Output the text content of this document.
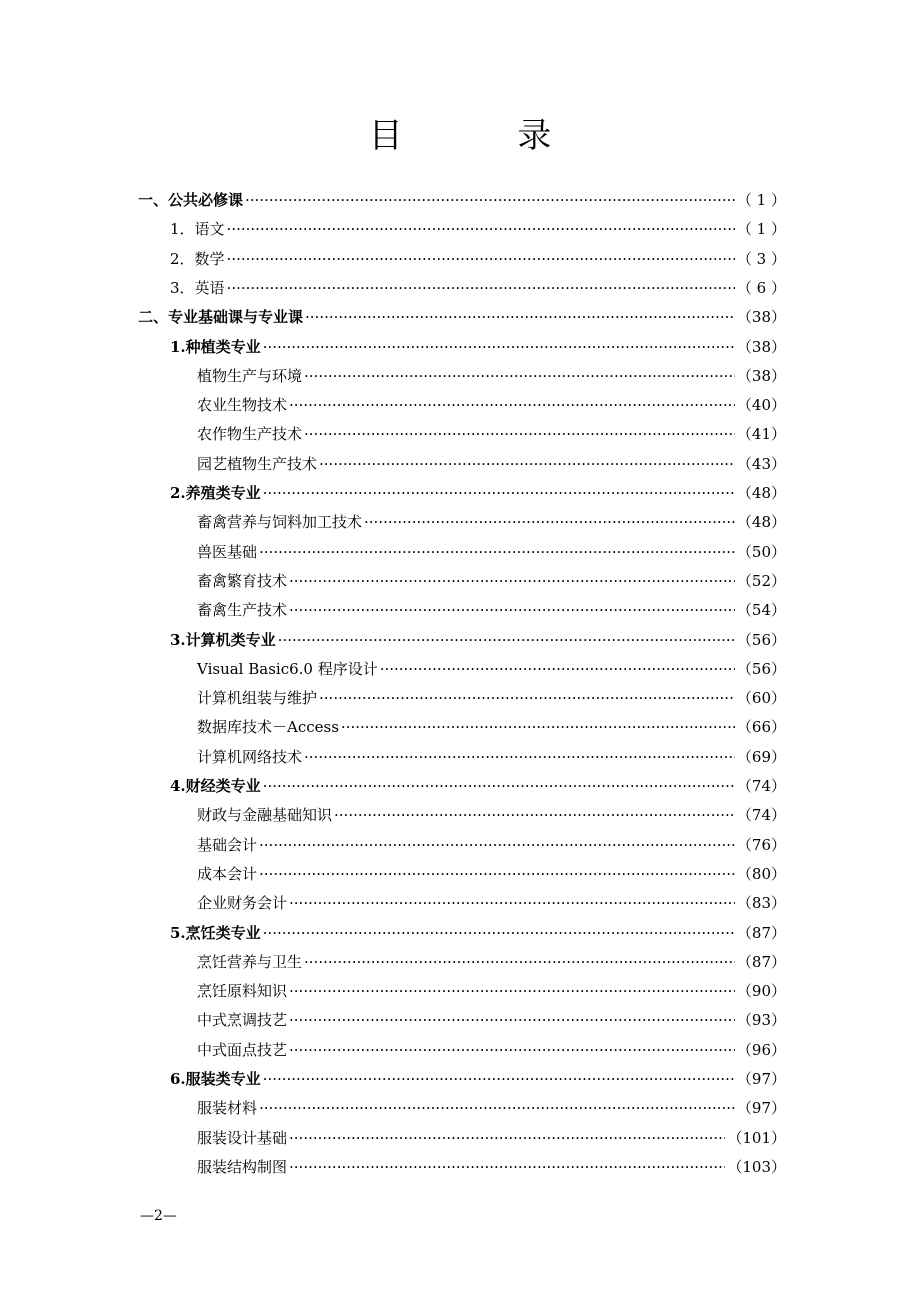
目 录
一、公共必修课 ·····	（ 1 ）
1．语文 ·····	（ 1 ）
2．数学 ·····	（ 3 ）
3．英语 ·····	（ 6 ）
二、专业基础课与专业课 ·····	（38）
1.种植类专业 ·····	（38）
植物生产与环境 ·····	（38）
农业生物技术 ·····	（40）
农作物生产技术 ·····	（41）
园艺植物生产技术 ·····	（43）
2.养殖类专业 ·····	（48）
畜禽营养与饲料加工技术 ·····	（48）
兽医基础 ·····	（50）
畜禽繁育技术 ·····	（52）
畜禽生产技术 ·····	（54）
3.计算机类专业 ·····	（56）
Visual Basic6.0 程序设计 ·····	（56）
计算机组装与维护 ·····	（60）
数据库技术－Access ·····	（66）
计算机网络技术 ·····	（69）
4.财经类专业 ·····	（74）
财政与金融基础知识 ·····	（74）
基础会计 ·····	（76）
成本会计 ·····	（80）
企业财务会计 ·····	（83）
5.烹饪类专业 ·····	（87）
烹饪营养与卫生 ·····	（87）
烹饪原料知识 ·····	（90）
中式烹调技艺 ·····	（93）
中式面点技艺 ·····	（96）
6.服装类专业 ·····	（97）
服装材料 ·····	（97）
服装设计基础 ·····	（101）
服装结构制图 ·····	（103）
—2—
